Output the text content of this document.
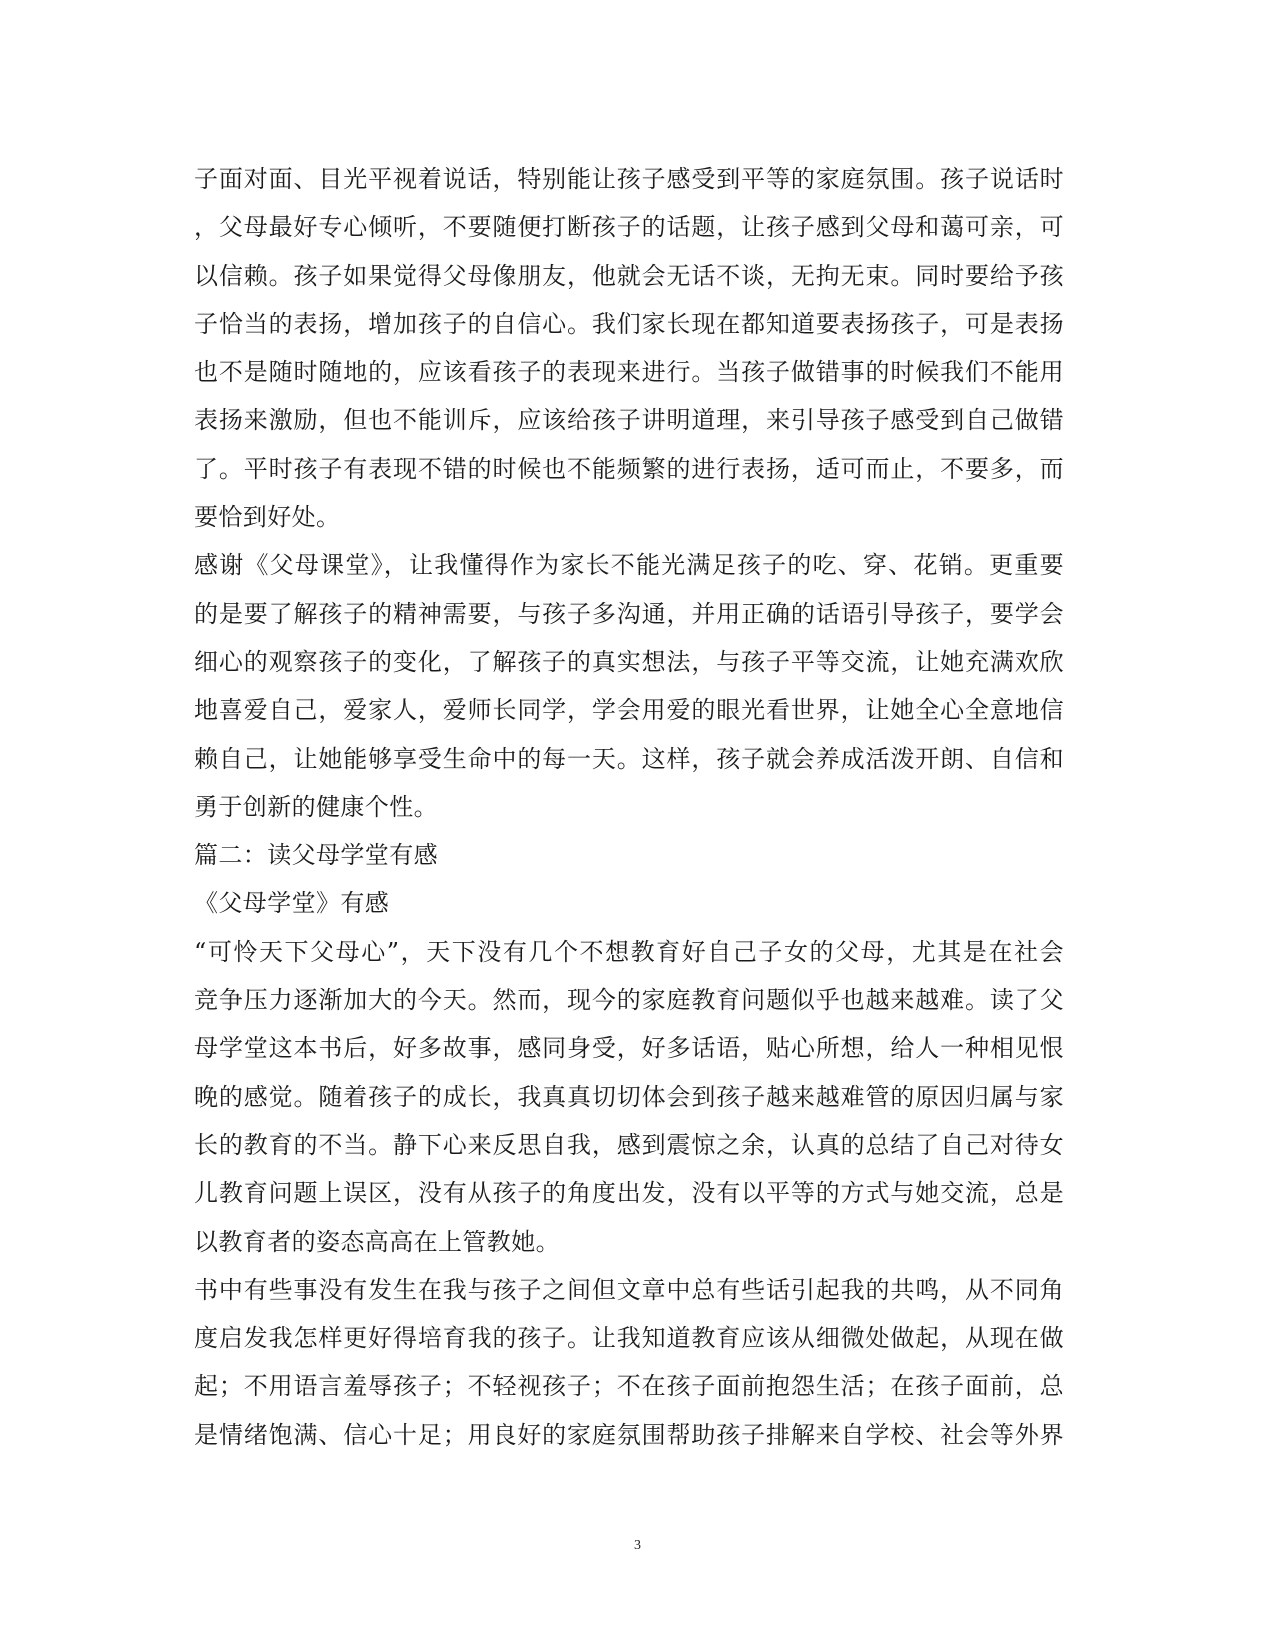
子面对面、目光平视着说话，特别能让孩子感受到平等的家庭氛围。孩子说话时
，父母最好专心倾听，不要随便打断孩子的话题，让孩子感到父母和蔼可亲，可
以信赖。孩子如果觉得父母像朋友，他就会无话不谈，无拘无束。同时要给予孩
子恰当的表扬，增加孩子的自信心。我们家长现在都知道要表扬孩子，可是表扬
也不是随时随地的，应该看孩子的表现来进行。当孩子做错事的时候我们不能用
表扬来激励，但也不能训斥，应该给孩子讲明道理，来引导孩子感受到自己做错
了。平时孩子有表现不错的时候也不能频繁的进行表扬，适可而止，不要多，而
要恰到好处。
感谢《父母课堂》，让我懂得作为家长不能光满足孩子的吃、穿、花销。更重要
的是要了解孩子的精神需要，与孩子多沟通，并用正确的话语引导孩子，要学会
细心的观察孩子的变化，了解孩子的真实想法，与孩子平等交流，让她充满欢欣
地喜爱自己，爱家人，爱师长同学，学会用爱的眼光看世界，让她全心全意地信
赖自己，让她能够享受生命中的每一天。这样，孩子就会养成活泼开朗、自信和
勇于创新的健康个性。
篇二：读父母学堂有感
《父母学堂》有感
“可怜天下父母心”，天下没有几个不想教育好自己子女的父母，尤其是在社会
竞争压力逐渐加大的今天。然而，现今的家庭教育问题似乎也越来越难。读了父
母学堂这本书后，好多故事，感同身受，好多话语，贴心所想，给人一种相见恨
晚的感觉。随着孩子的成长，我真真切切体会到孩子越来越难管的原因归属与家
长的教育的不当。静下心来反思自我，感到震惊之余，认真的总结了自己对待女
儿教育问题上误区，没有从孩子的角度出发，没有以平等的方式与她交流，总是
以教育者的姿态高高在上管教她。
书中有些事没有发生在我与孩子之间但文章中总有些话引起我的共鸣，从不同角
度启发我怎样更好得培育我的孩子。让我知道教育应该从细微处做起，从现在做
起；不用语言羞辱孩子；不轻视孩子；不在孩子面前抱怨生活；在孩子面前，总
是情绪饱满、信心十足；用良好的家庭氛围帮助孩子排解来自学校、社会等外界
3
